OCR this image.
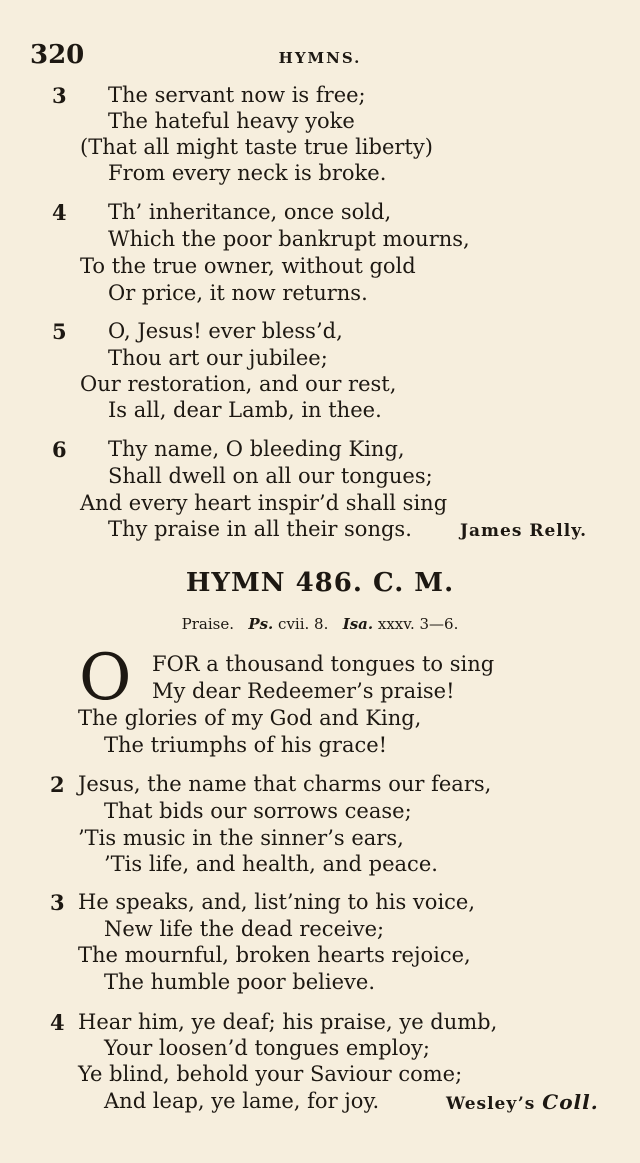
320	HYMNS.
3 The servant now is free;
The hateful heavy yoke
(That all might taste true liberty)
From every neck is broke.
4 Th’ inheritance, once sold,
Which the poor bankrupt mourns,
To the true owner, without gold
Or price, it now returns.
5 O, Jesus! ever bless’d,
Thou art our jubilee;
Our restoration, and our rest,
Is all, dear Lamb, in thee.
6 Thy name, O bleeding King,
Shall dwell on all our tongues;
And every heart inspir’d shall sing
Thy praise in all their songs.	James Relly.
HYMN 486. C. M.
Praise. Ps. cvii. 8. Isa. xxxv. 3—6.
O FOR a thousand tongues to sing
My dear Redeemer’s praise!
The glories of my God and King,
The triumphs of his grace!
2 Jesus, the name that charms our fears,
That bids our sorrows cease;
’Tis music in the sinner’s ears,
’Tis life, and health, and peace.
3 He speaks, and, list’ning to his voice,
New life the dead receive;
The mournful, broken hearts rejoice,
The humble poor believe.
4 Hear him, ye deaf; his praise, ye dumb,
Your loosen’d tongues employ;
Ye blind, behold your Saviour come;
And leap, ye lame, for joy.	Wesley’s Coll.
